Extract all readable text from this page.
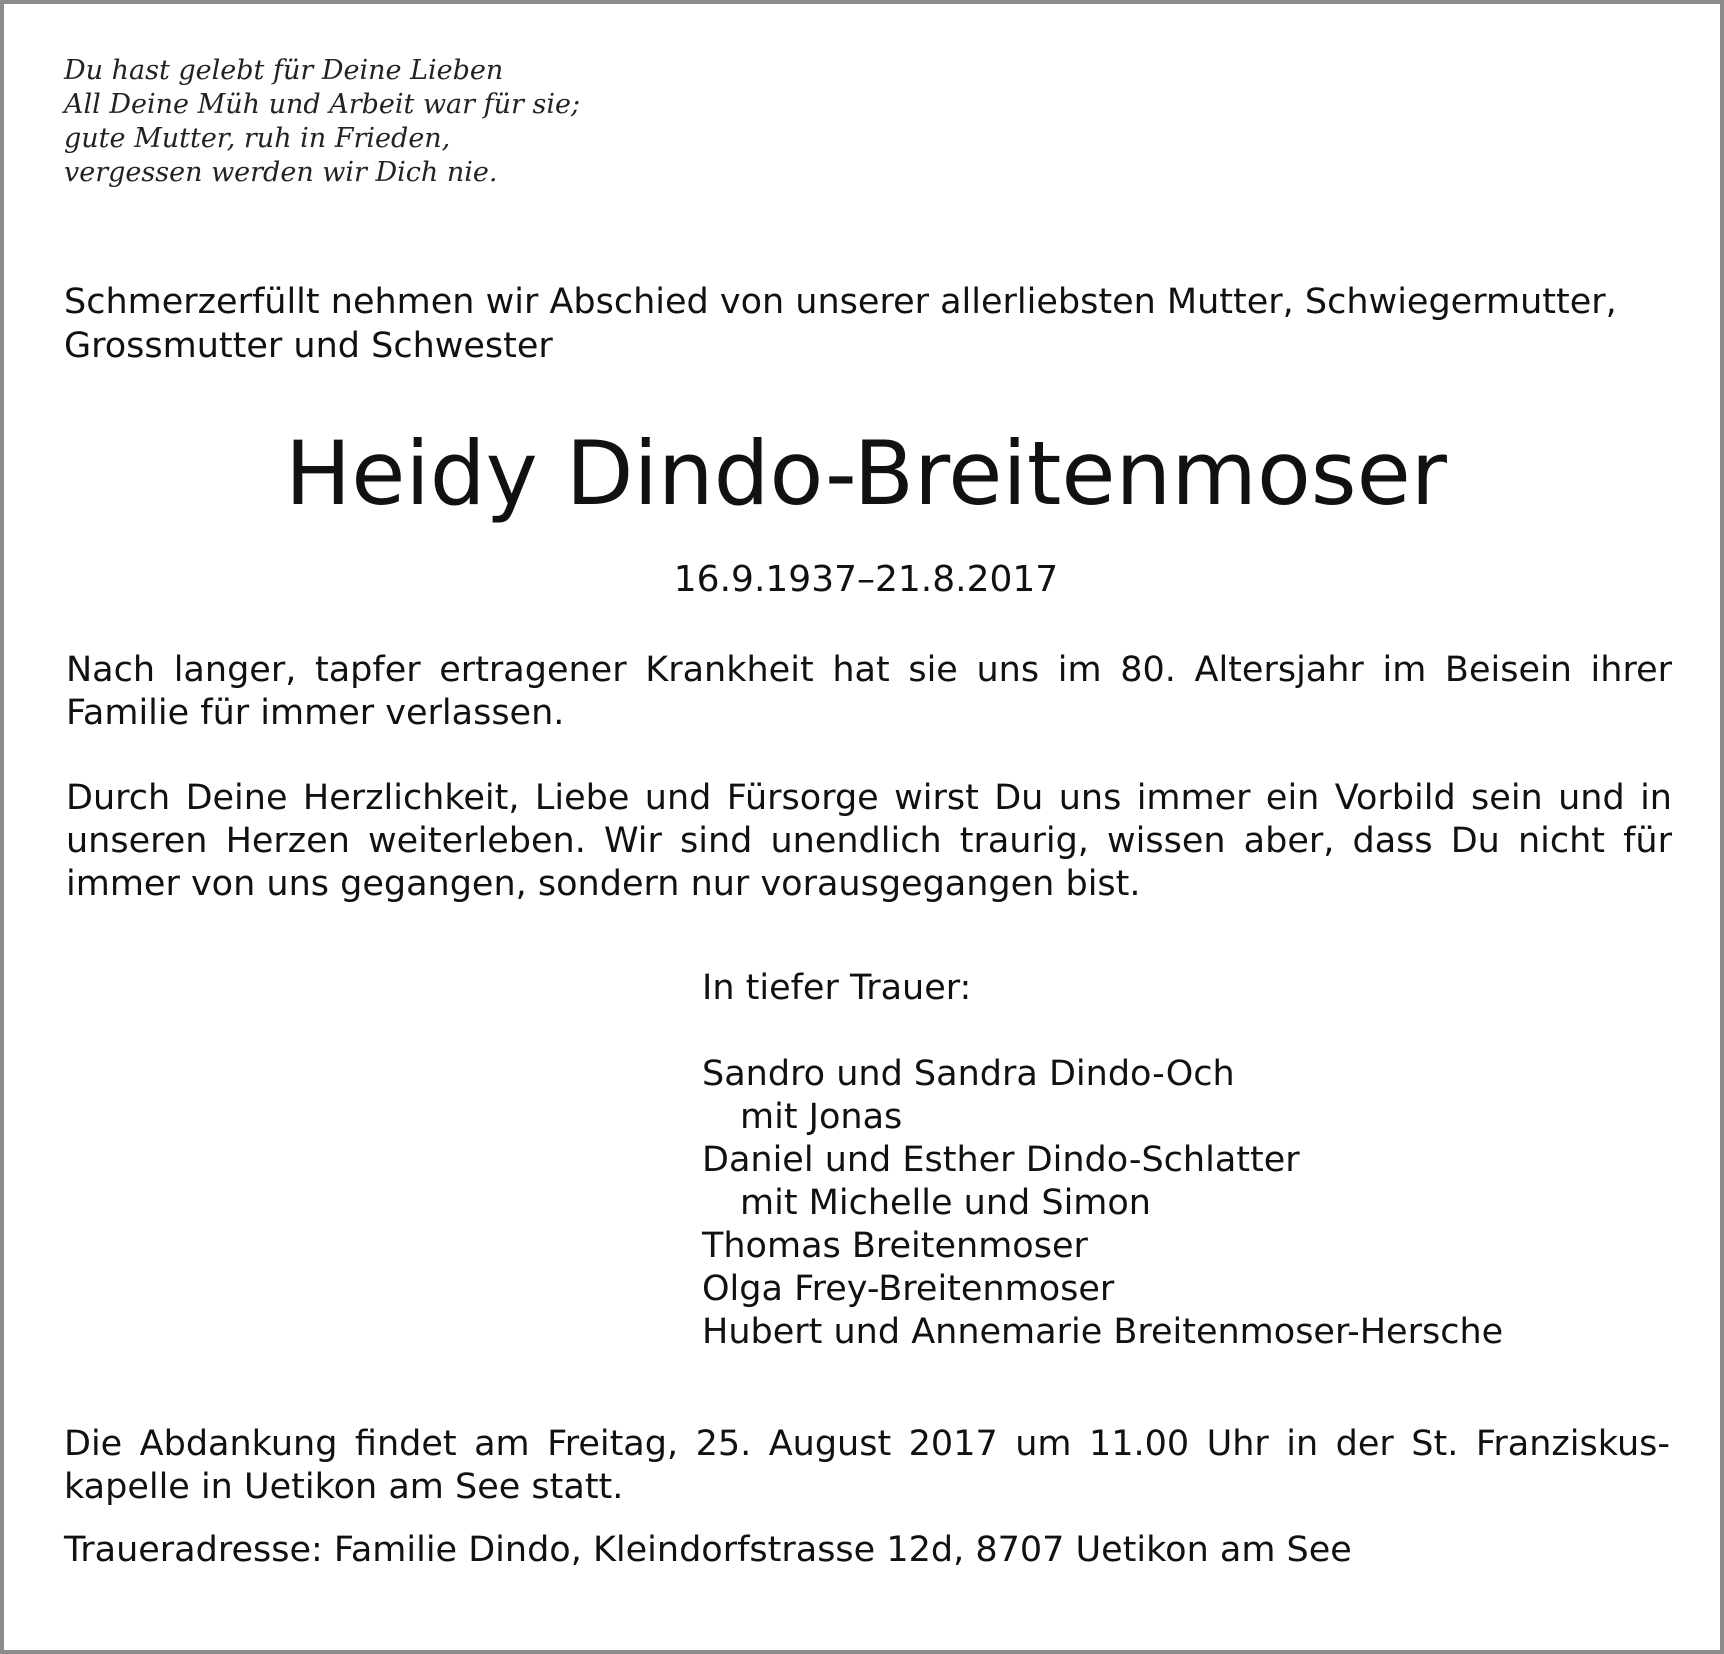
Du hast gelebt für Deine Lieben
All Deine Müh und Arbeit war für sie;
gute Mutter, ruh in Frieden,
vergessen werden wir Dich nie.

Schmerzerfüllt nehmen wir Abschied von unserer allerliebsten Mutter, Schwiegermutter, Grossmutter und Schwester

Heidy Dindo-Breitenmoser

16.9.1937–21.8.2017

Nach langer, tapfer ertragener Krankheit hat sie uns im 80. Altersjahr im Beisein ihrer Familie für immer verlassen.

Durch Deine Herzlichkeit, Liebe und Fürsorge wirst Du uns immer ein Vorbild sein und in unseren Herzen weiterleben. Wir sind unendlich traurig, wissen aber, dass Du nicht für immer von uns gegangen, sondern nur vorausgegangen bist.

In tiefer Trauer:
Sandro und Sandra Dindo-Och
mit Jonas
Daniel und Esther Dindo-Schlatter
mit Michelle und Simon
Thomas Breitenmoser
Olga Frey-Breitenmoser
Hubert und Annemarie Breitenmoser-Hersche

Die Abdankung findet am Freitag, 25. August 2017 um 11.00 Uhr in der St. Franziskus-kapelle in Uetikon am See statt.

Traueradresse: Familie Dindo, Kleindorfstrasse 12d, 8707 Uetikon am See
